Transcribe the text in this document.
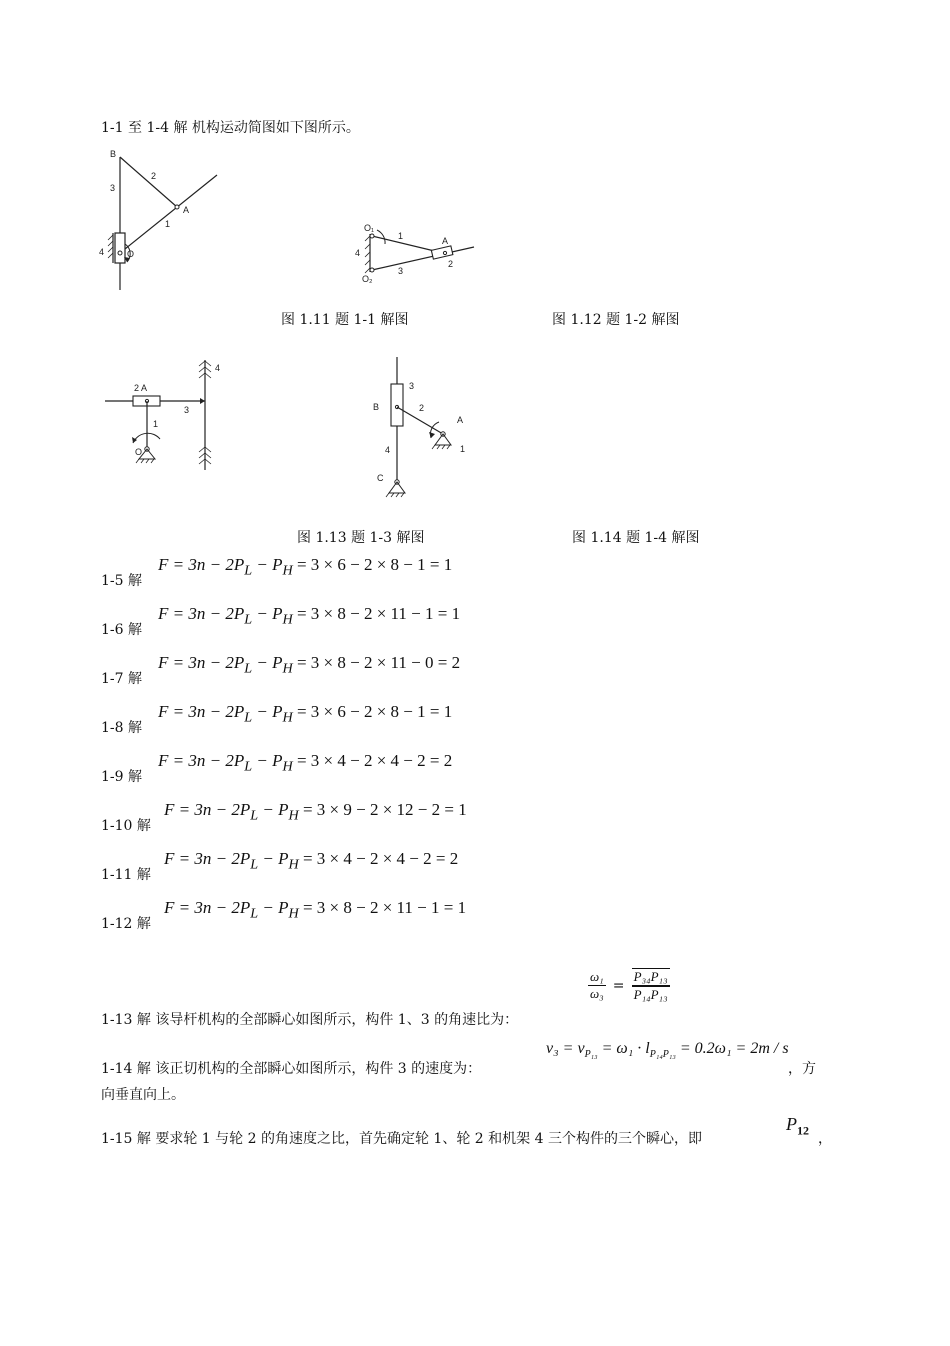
1-1 至 1-4 解 机构运动简图如下图所示。
B
2
3
A
1
4	O
O₁
1	A
4
2
3
O₂
图 1.11 题 1-1 解图	图 1.12 题 1-2 解图
2 A
4
3
1
O
3
B	2
A
4	1
C
图 1.13 题 1-3 解图	图 1.14 题 1-4 解图
1-5 解
$F = 3n - 2P_L - P_H = 3 \times 6 - 2 \times 8 - 1 = 1$
1-6 解
$F = 3n - 2P_L - P_H = 3 \times 8 - 2 \times 11 - 1 = 1$
1-7 解
$F = 3n - 2P_L - P_H = 3 \times 8 - 2 \times 11 - 0 = 2$
1-8 解
$F = 3n - 2P_L - P_H = 3 \times 6 - 2 \times 8 - 1 = 1$
1-9 解
$F = 3n - 2P_L - P_H = 3 \times 4 - 2 \times 4 - 2 = 2$
1-10 解
$F = 3n - 2P_L - P_H = 3 \times 9 - 2 \times 12 - 2 = 1$
1-11 解
$F = 3n - 2P_L - P_H = 3 \times 4 - 2 \times 4 - 2 = 2$
1-12 解
$F = 3n - 2P_L - P_H = 3 \times 8 - 2 \times 11 - 1 = 1$
1-13 解 该导杆机构的全部瞬心如图所示，构件 1、3 的角速比为：
$\frac{\text{ω₁}}{\text{ω₃}} = \frac{\text{P₃₄P₁₃}}{\text{P₁₄P₁₃}}$
1-14 解 该正切机构的全部瞬心如图所示，构件 3 的速度为：
$v_3 = v_{P_{13}} = \omega_1 \cdot l_{P_{14}P_{13}} = 0.2\omega_1 = 2m / s$
，方
向垂直向上。
1-15 解 要求轮 1 与轮 2 的角速度之比，首先确定轮 1、轮 2 和机架 4 三个构件的三个瞬心，即
$P_{12}$
，
